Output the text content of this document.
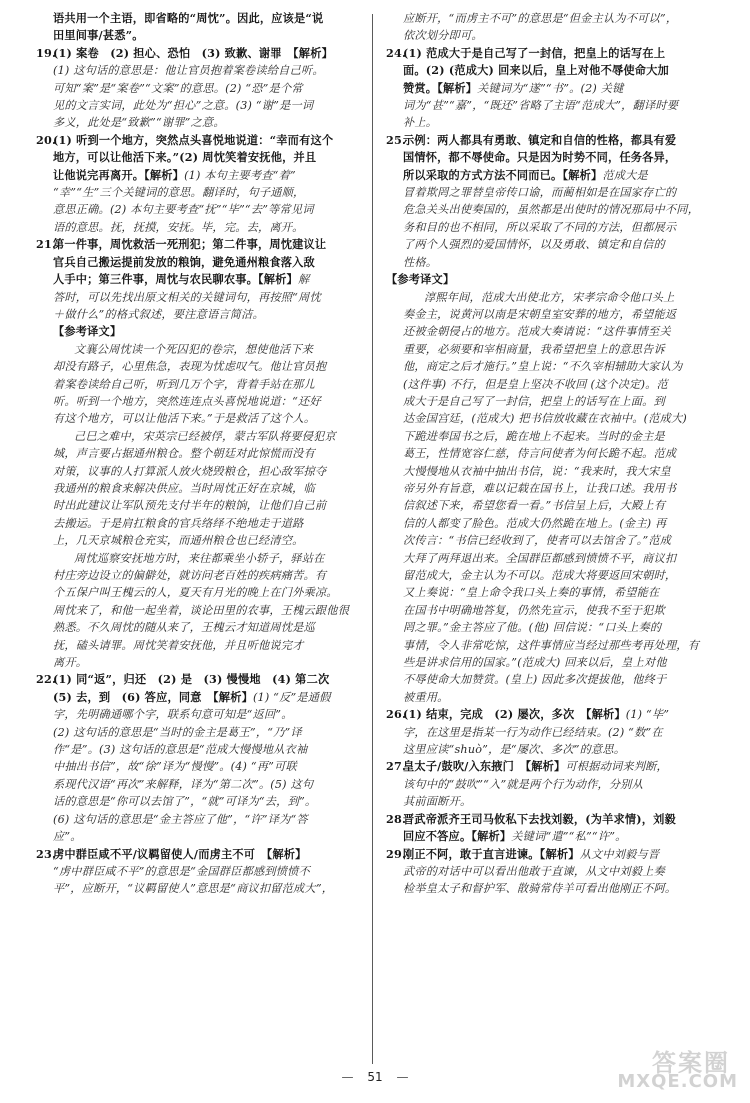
语共用一个主语，即省略的“周忱”。因此，应该是“说

田里间事/甚悉”。

19.(1) 案卷　(2) 担心、恐怕　(3) 致歉、谢罪　【解析】

(1) 这句话的意思是：他让官员抱着案卷读给自己听。

可知“案”是“案卷”“文案”的意思。(2) “恐”是个常

见的文言实词，此处为“担心”之意。(3) “谢”是一词

多义，此处是“致歉”“谢罪”之意。

20.(1) 听到一个地方，突然点头喜悦地说道：“幸而有这个

地方，可以让他活下来。”(2) 周忱笑着安抚他，并且

让他说完再离开。【解析】(1) 本句主要考查“着”

“幸”“生”三个关键词的意思。翻译时，句子通顺，

意思正确。(2) 本句主要考查“抚”“毕”“去”等常见词

语的意思。抚，抚摸，安抚。毕，完。去，离开。

21.第一件事，周忱救活一死刑犯；第二件事，周忱建议让

官兵自己搬运提前发放的粮饷，避免通州粮食落入敌

人手中；第三件事，周忱与农民聊农事。【解析】解

答时，可以先找出原文相关的关键词句，再按照“周忱

＋做什么”的格式叙述，要注意语言简洁。

【参考译文】

文襄公周忱读一个死囚犯的卷宗，想使他活下来

却没有路子，心里焦急，表现为忧虑叹气。他让官员抱

着案卷读给自己听，听到几万个字，背着手站在那儿

听。听到一个地方，突然连连点头喜悦地说道：“还好

有这个地方，可以让他活下来。”于是救活了这个人。

己巳之难中，宋英宗已经被俘，蒙古军队将要侵犯京

城，声言要占据通州粮仓。整个朝廷对此惊慌而没有

对策，议事的人打算派人放火烧毁粮仓，担心敌军掠夺

我通州的粮食来解决供应。当时周忱正好在京城，临

时出此建议让军队预先支付半年的粮饷，让他们自己前

去搬运。于是肩扛粮食的官兵络绎不绝地走于道路

上，几天京城粮仓充实，而通州粮仓也已经清空。

周忱巡察安抚地方时，来往都乘坐小轿子，驿站在

村庄旁边设立的偏僻处，就访问老百姓的疾病痛苦。有

个五保户叫王槐云的人，夏天有月光的晚上在门外乘凉。

周忱来了，和他一起坐着，谈论田里的农事，王槐云跟他很

熟悉。不久周忱的随从来了，王槐云才知道周忱是巡

抚，磕头请罪。周忱笑着安抚他，并且听他说完才

离开。

22.(1) 同“返”，归还　(2) 是　(3) 慢慢地　(4) 第二次

(5) 去，到　(6) 答应，同意　【解析】(1) “反”是通假

字，先明确通哪个字，联系句意可知是“返回”。

(2) 这句话的意思是“当时的金主是葛王”，“乃”译

作“是”。(3) 这句话的意思是“范成大慢慢地从衣袖

中抽出书信”，故“徐”译为“慢慢”。(4) “再”可联

系现代汉语“再次”来解释，译为“第二次”。(5) 这句

话的意思是“你可以去馆了”，“就”可译为“去，到”。

(6) 这句话的意思是“金主答应了他”，“许”译为“答

应”。

23.虏中群臣咸不平/议羁留使人/而虏主不可　【解析】

“虏中群臣咸不平”的意思是“金国群臣都感到愤愤不

平”，应断开，“议羁留使人”意思是“商议扣留范成大”，

应断开，“而虏主不可”的意思是“但金主认为不可以”，

依次划分即可。

24.(1) 范成大于是自己写了一封信，把皇上的话写在上

面。(2) (范成大) 回来以后，皇上对他不辱使命大加

赞赏。【解析】关键词为“遂”“书”。(2) 关键

词为“甚”“嘉”，“既还”省略了主语“范成大”，翻译时要

补上。

25.示例：两人都具有勇敢、镇定和自信的性格，都具有爱

国情怀，都不辱使命。只是因为时势不同，任务各异，

所以采取的方式方法不同而已。【解析】范成大是

冒着欺罔之罪替皇帝传口谕，而蔺相如是在国家存亡的

危急关头出使奏国的，虽然都是出使时的情况那局中不同，

务和目的也不相同，所以采取了不同的方法，但都展示

了两个人强烈的爱国情怀，以及勇敢、镇定和自信的

性格。

【参考译文】

淳熙年间，范成大出使北方，宋孝宗命令他口头上

奏金主，说黄河以南是宋朝皇室安葬的地方，希望能返

还被金朝侵占的地方。范成大奏请说：“这件事情至关

重要，必须要和宰相商量，我希望把皇上的意思告诉

他，商定之后才施行。”皇上说：“不久宰相辅助大家认为

(这件事) 不行，但是皇上坚决不收回 (这个决定)。范

成大于是自己写了一封信，把皇上的话写在上面。到

达金国宫廷，(范成大) 把书信放收藏在衣袖中。(范成大)

下跪进奉国书之后，跪在地上不起来。当时的金主是

葛王，性情宽容仁慈，侍言问使者为何长跪不起。范成

大慢慢地从衣袖中抽出书信，说：“我来时，我大宋皇

帝另外有旨意，难以记载在国书上，让我口述。我用书

信叙述下来，希望您看一看。”书信呈上后，大殿上有

信的人都变了脸色。范成大仍然跪在地上。(金主) 再

次传言：“书信已经收到了，使者可以去馆舍了。”范成

大拜了两拜退出来。全国群臣都感到愤愤不平，商议扣

留范成大，金主认为不可以。范成大将要返回宋朝时，

又上奏说：“皇上命令我口头上奏的事情，希望能在

在国书中明确地答复，仍然先宣示，使我不至于犯欺

罔之罪。”金主答应了他。(他) 回信说：“口头上奏的

事情，令人非常吃惊，这件事情应当经过那些考再处理，有

些是讲求信用的国家。”(范成大) 回来以后，皇上对他

不辱使命大加赞赏。(皇上) 因此多次提拔他，他终于

被重用。

26.(1) 结束，完成　(2) 屡次，多次　【解析】(1) “毕”

字，在这里是指某一行为动作已经结束。(2) “数”在

这里应读“shuò”，是“屡次、多次”的意思。

27.皇太子/鼓吹/入东掖门　【解析】可根据动词来判断，

该句中的“鼓吹”“入”就是两个行为动作，分别从

其前面断开。

28.晋武帝派齐王司马攸私下去找刘毅，(为羊求情)，刘毅

回应不答应。【解析】关键词“遣”“私”“许”。

29.刚正不阿，敢于直言进谏。【解析】从文中刘毅与晋

武帝的对话中可以看出他敢于直谏，从文中刘毅上奏

检举皇太子和督护军、散骑常侍羊可看出他刚正不阿。

— 51 —	答案圈
MXQE.COM
